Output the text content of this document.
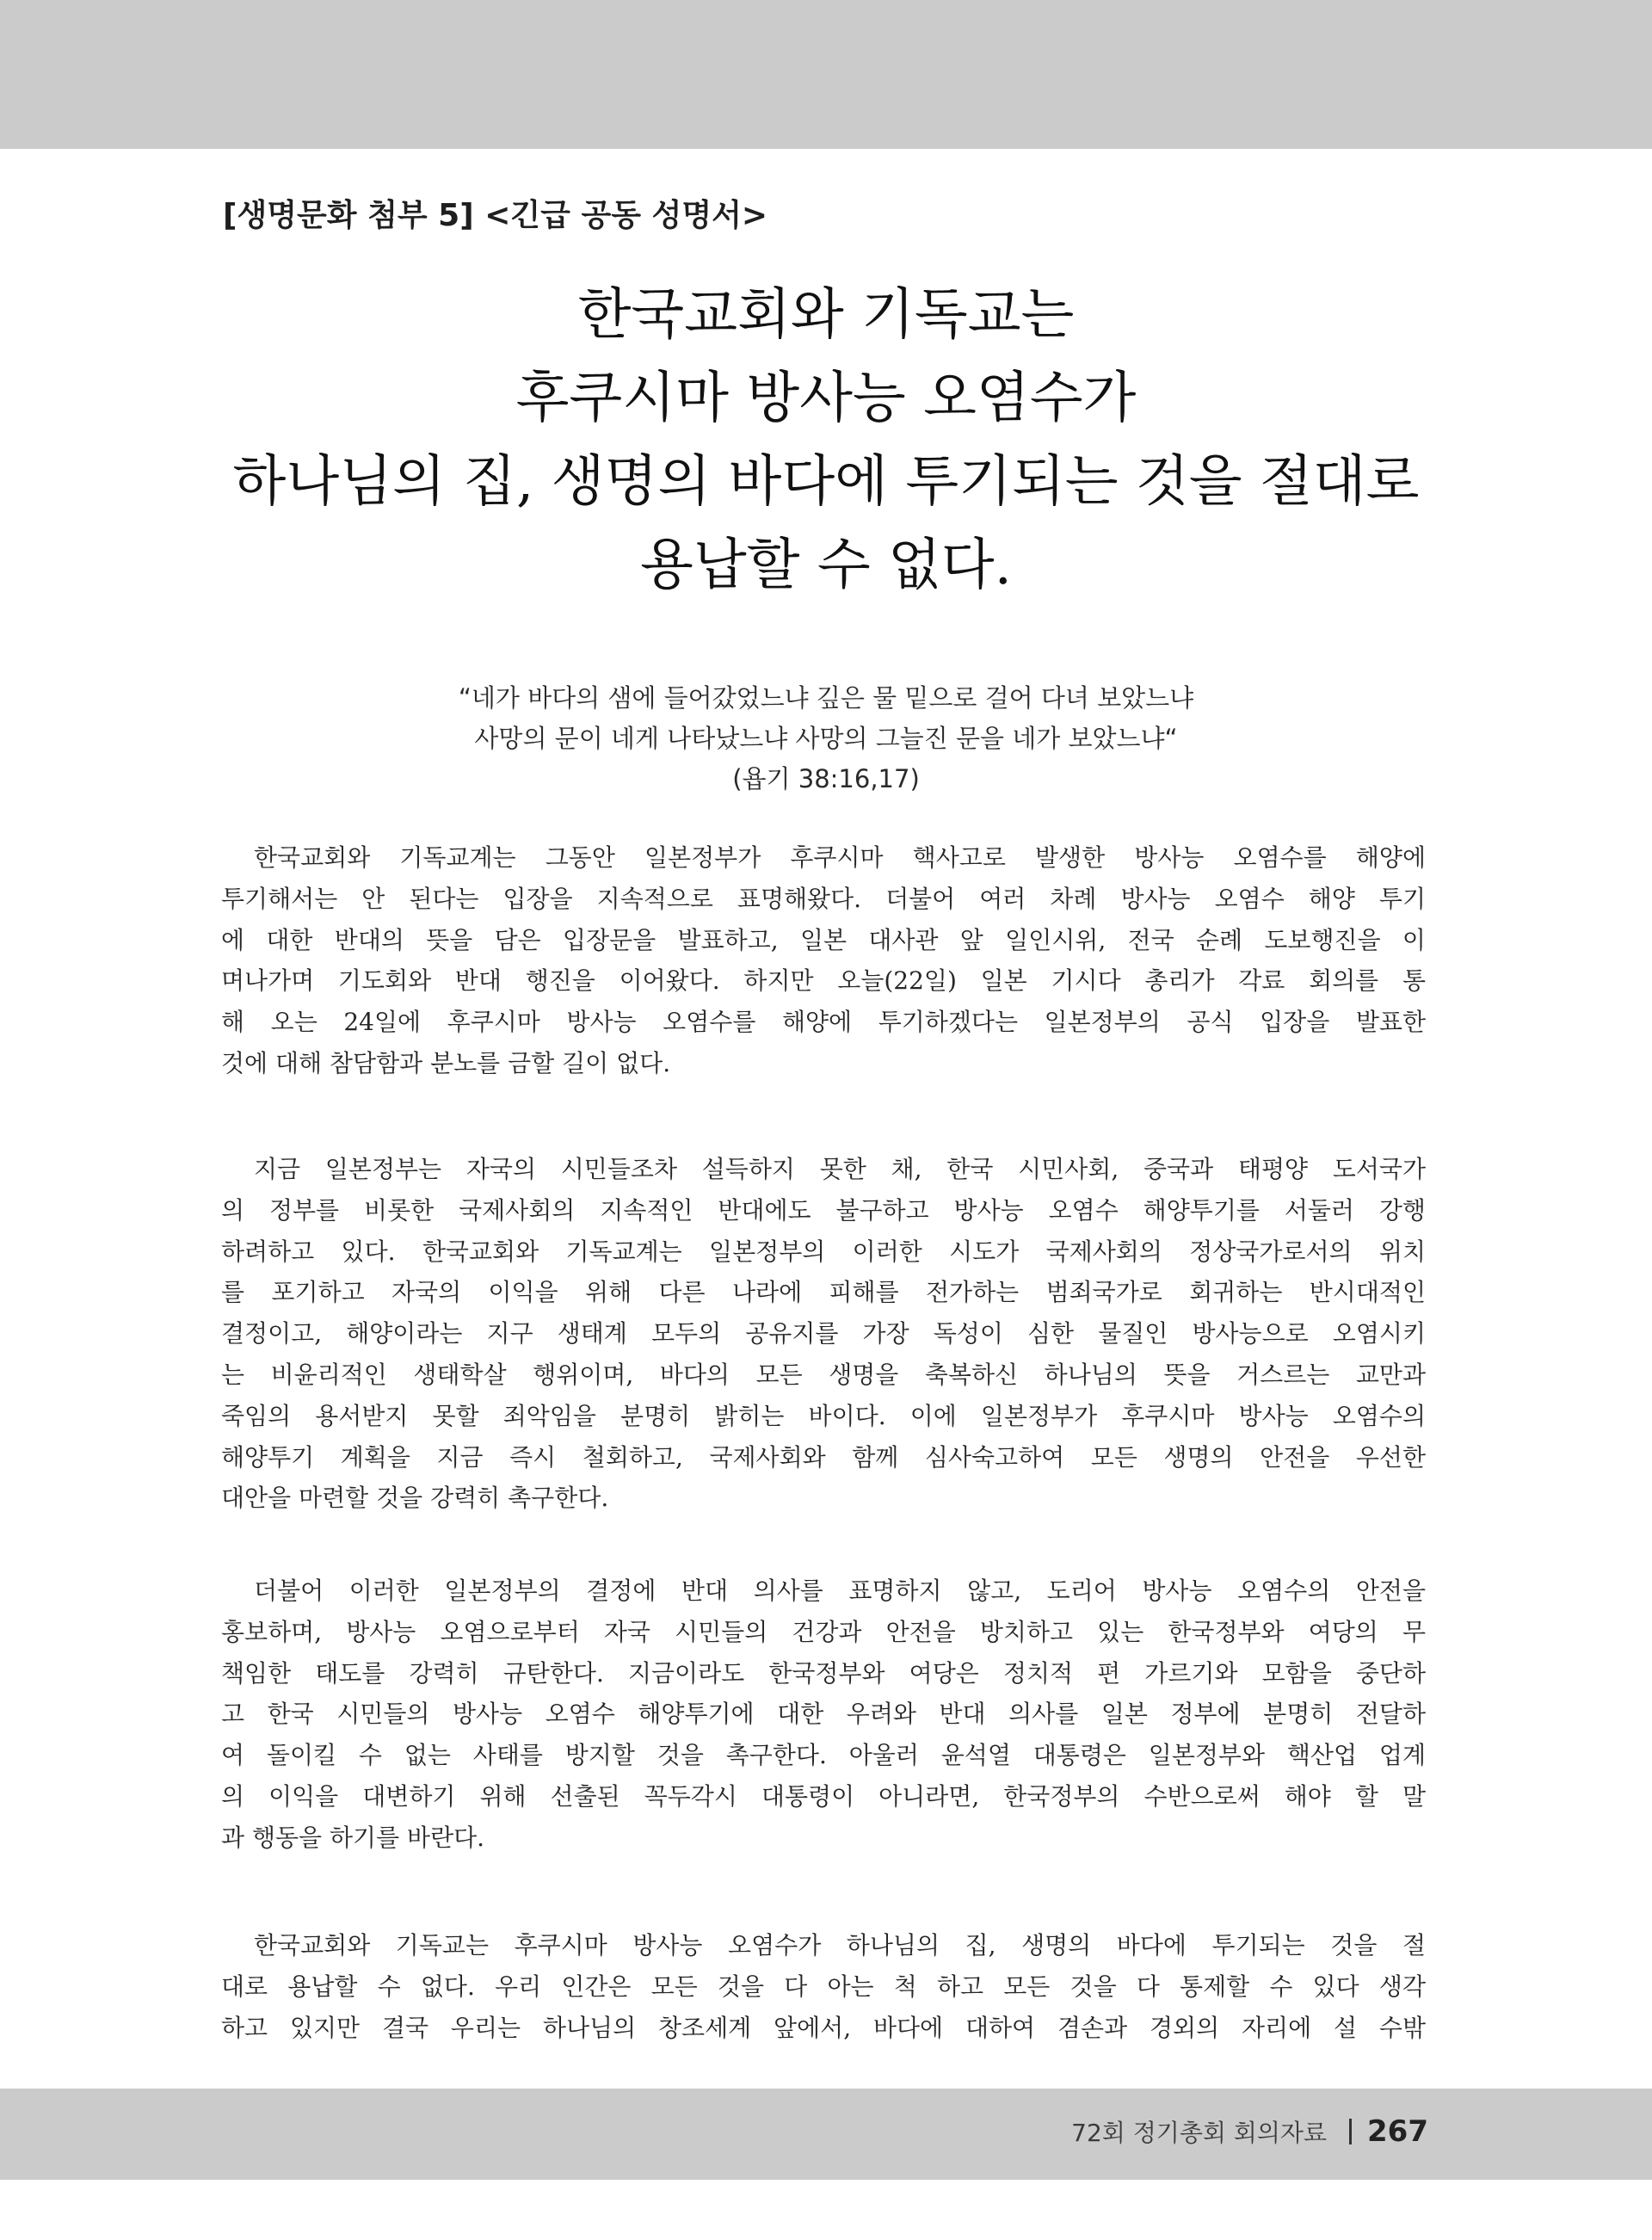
[생명문화 첨부 5] <긴급 공동 성명서>
한국교회와 기독교는
후쿠시마 방사능 오염수가
하나님의 집, 생명의 바다에 투기되는 것을 절대로
용납할 수 없다.
“네가 바다의 샘에 들어갔었느냐 깊은 물 밑으로 걸어 다녀 보았느냐
사망의 문이 네게 나타났느냐 사망의 그늘진 문을 네가 보았느냐“
(욥기 38:16,17)
한국교회와 기독교계는 그동안 일본정부가 후쿠시마 핵사고로 발생한 방사능 오염수를 해양에
투기해서는 안 된다는 입장을 지속적으로 표명해왔다. 더불어 여러 차례 방사능 오염수 해양 투기
에 대한 반대의 뜻을 담은 입장문을 발표하고, 일본 대사관 앞 일인시위, 전국 순례 도보행진을 이
며나가며 기도회와 반대 행진을 이어왔다. 하지만 오늘(22일) 일본 기시다 총리가 각료 회의를 통
해 오는 24일에 후쿠시마 방사능 오염수를 해양에 투기하겠다는 일본정부의 공식 입장을 발표한
것에 대해 참담함과 분노를 금할 길이 없다.
지금 일본정부는 자국의 시민들조차 설득하지 못한 채, 한국 시민사회, 중국과 태평양 도서국가
의 정부를 비롯한 국제사회의 지속적인 반대에도 불구하고 방사능 오염수 해양투기를 서둘러 강행
하려하고 있다. 한국교회와 기독교계는 일본정부의 이러한 시도가 국제사회의 정상국가로서의 위치
를 포기하고 자국의 이익을 위해 다른 나라에 피해를 전가하는 범죄국가로 회귀하는 반시대적인
결정이고, 해양이라는 지구 생태계 모두의 공유지를 가장 독성이 심한 물질인 방사능으로 오염시키
는 비윤리적인 생태학살 행위이며, 바다의 모든 생명을 축복하신 하나님의 뜻을 거스르는 교만과
죽임의 용서받지 못할 죄악임을 분명히 밝히는 바이다. 이에 일본정부가 후쿠시마 방사능 오염수의
해양투기 계획을 지금 즉시 철회하고, 국제사회와 함께 심사숙고하여 모든 생명의 안전을 우선한
대안을 마련할 것을 강력히 촉구한다.
더불어 이러한 일본정부의 결정에 반대 의사를 표명하지 않고, 도리어 방사능 오염수의 안전을
홍보하며, 방사능 오염으로부터 자국 시민들의 건강과 안전을 방치하고 있는 한국정부와 여당의 무
책임한 태도를 강력히 규탄한다. 지금이라도 한국정부와 여당은 정치적 편 가르기와 모함을 중단하
고 한국 시민들의 방사능 오염수 해양투기에 대한 우려와 반대 의사를 일본 정부에 분명히 전달하
여 돌이킬 수 없는 사태를 방지할 것을 촉구한다. 아울러 윤석열 대통령은 일본정부와 핵산업 업계
의 이익을 대변하기 위해 선출된 꼭두각시 대통령이 아니라면, 한국정부의 수반으로써 해야 할 말
과 행동을 하기를 바란다.
한국교회와 기독교는 후쿠시마 방사능 오염수가 하나님의 집, 생명의 바다에 투기되는 것을 절
대로 용납할 수 없다. 우리 인간은 모든 것을 다 아는 척 하고 모든 것을 다 통제할 수 있다 생각
하고 있지만 결국 우리는 하나님의 창조세계 앞에서, 바다에 대하여 겸손과 경외의 자리에 설 수밖
72회 정기총회 회의자료 267
